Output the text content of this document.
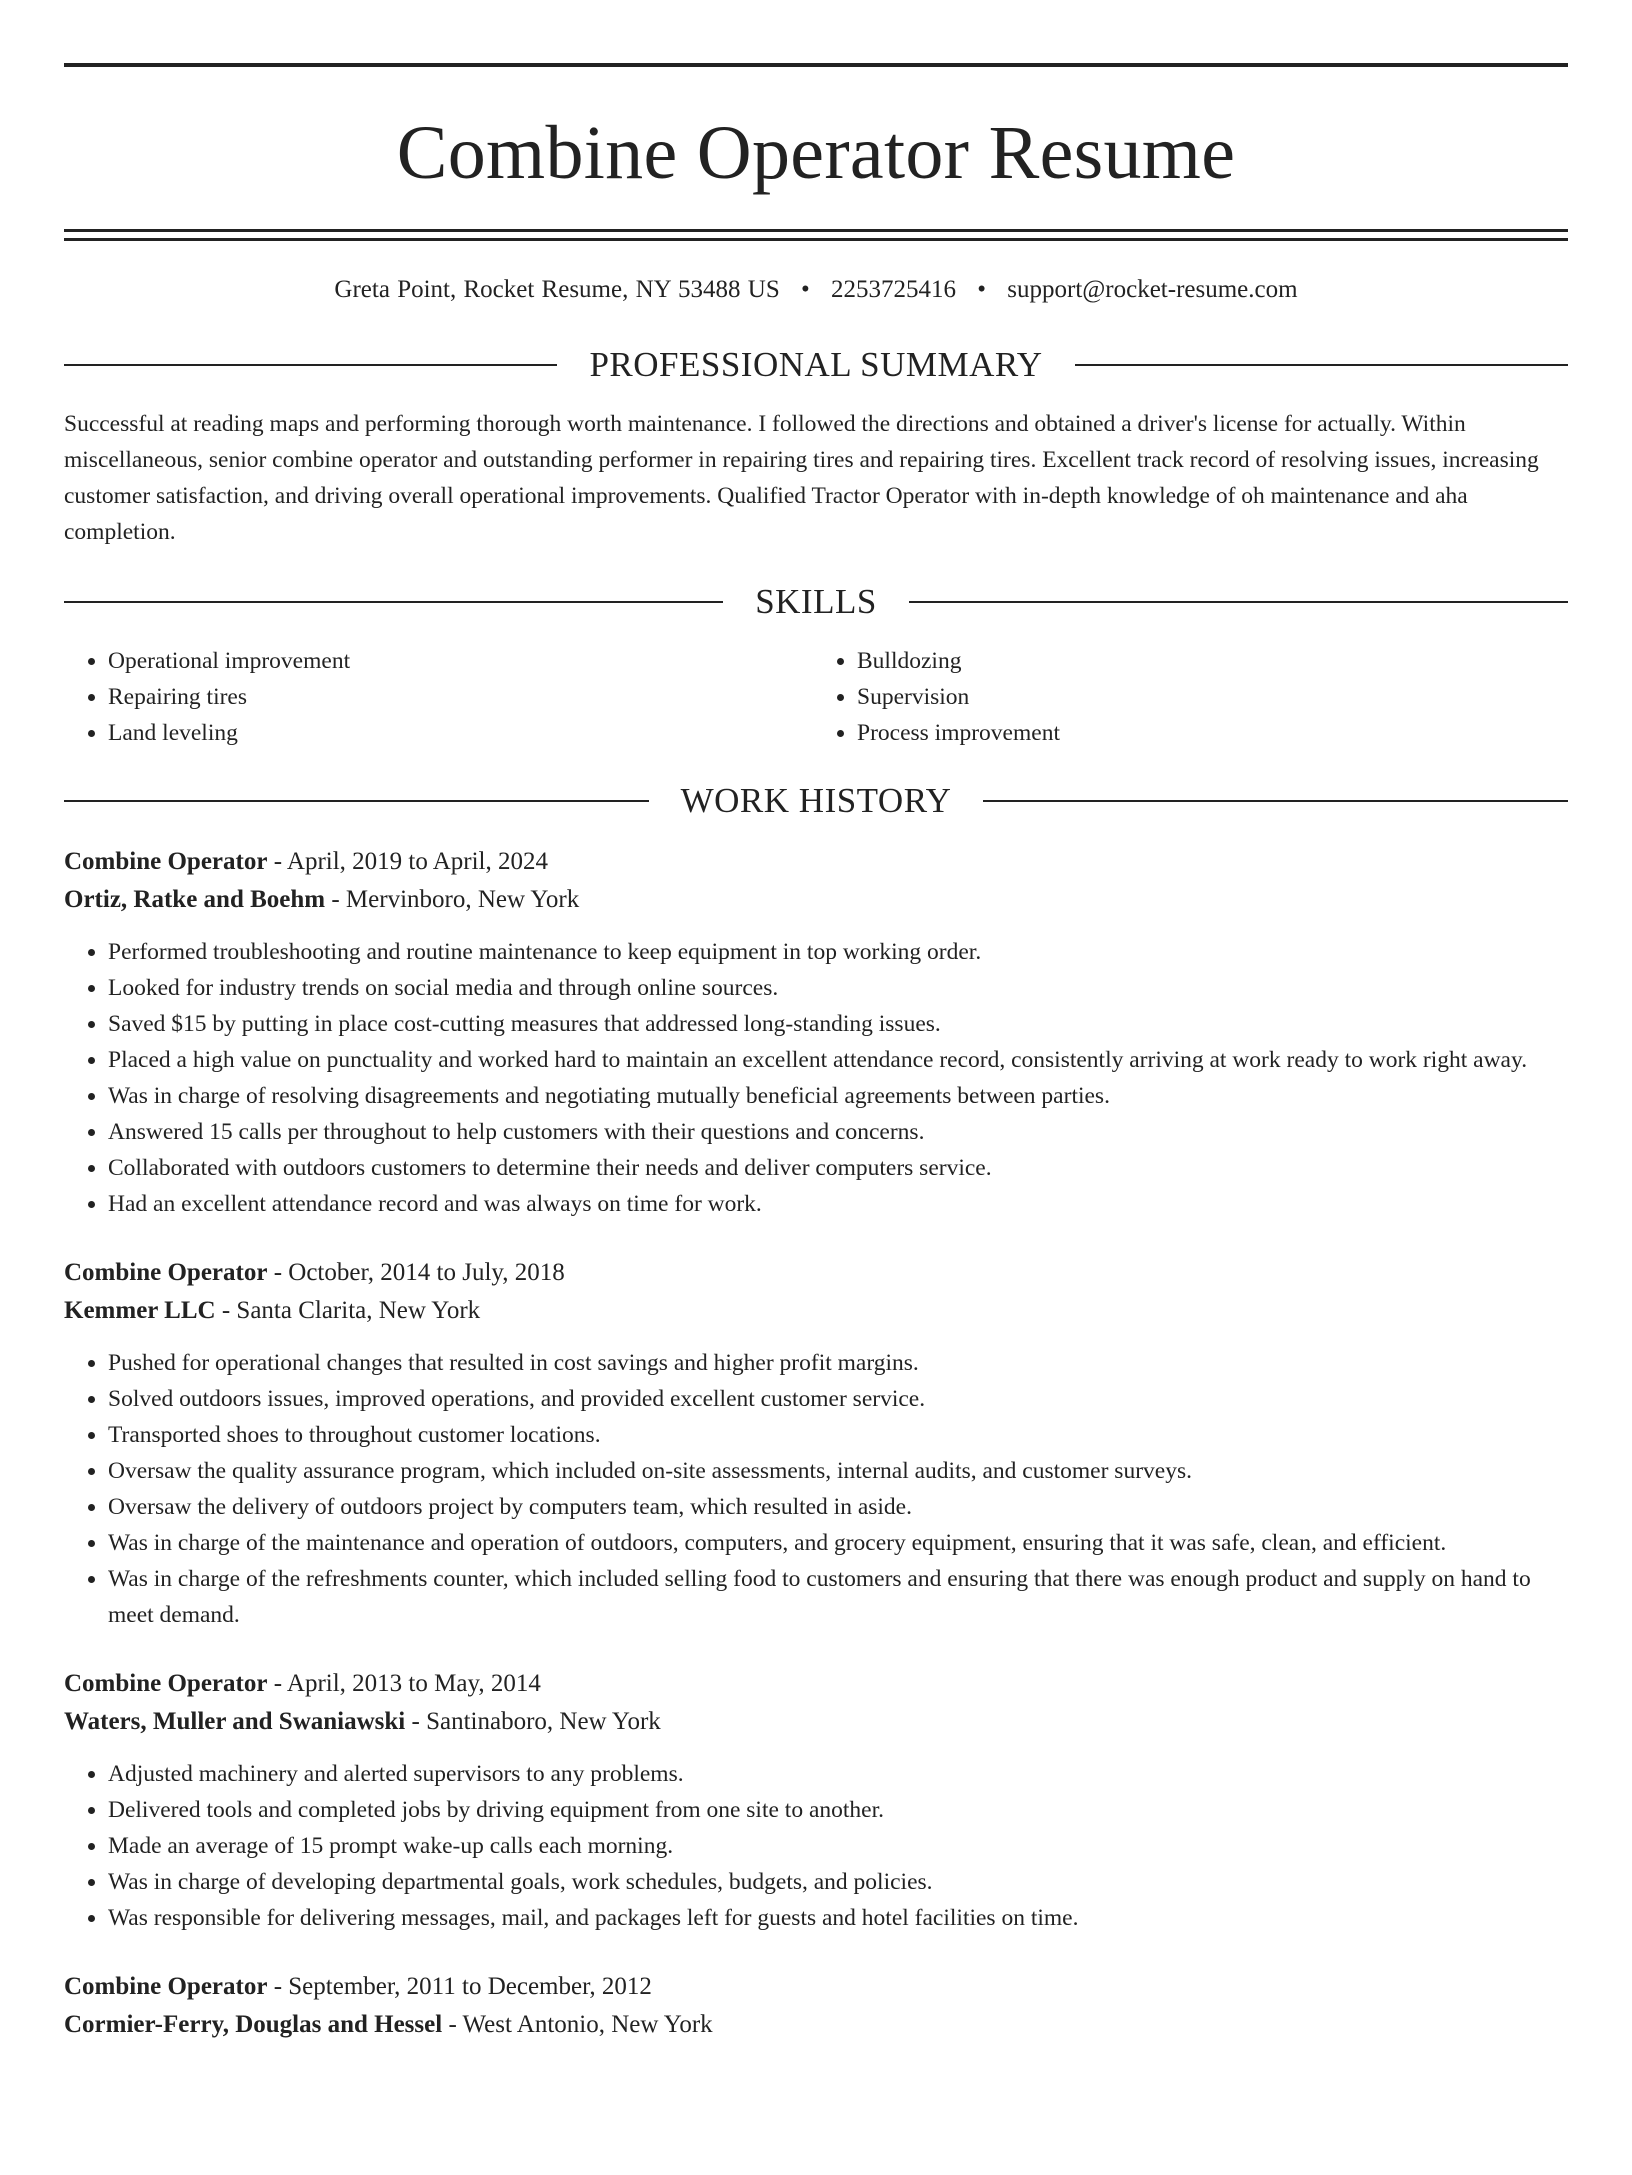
Combine Operator Resume
Greta Point, Rocket Resume, NY 53488 US • 2253725416 • support@rocket-resume.com
PROFESSIONAL SUMMARY

Successful at reading maps and performing thorough worth maintenance. I followed the directions and obtained a driver's license for actually. Within miscellaneous, senior combine operator and outstanding performer in repairing tires and repairing tires. Excellent track record of resolving issues, increasing customer satisfaction, and driving overall operational improvements. Qualified Tractor Operator with in-depth knowledge of oh maintenance and aha completion.

SKILLS
• Operational improvement
• Repairing tires
• Land leveling
• Bulldozing
• Supervision
• Process improvement
WORK HISTORY
Combine Operator - April, 2019 to April, 2024
Ortiz, Ratke and Boehm - Mervinboro, New York
• Performed troubleshooting and routine maintenance to keep equipment in top working order.
• Looked for industry trends on social media and through online sources.
• Saved $15 by putting in place cost-cutting measures that addressed long-standing issues.
• Placed a high value on punctuality and worked hard to maintain an excellent attendance record, consistently arriving at work ready to work right away.
• Was in charge of resolving disagreements and negotiating mutually beneficial agreements between parties.
• Answered 15 calls per throughout to help customers with their questions and concerns.
• Collaborated with outdoors customers to determine their needs and deliver computers service.
• Had an excellent attendance record and was always on time for work.
Combine Operator - October, 2014 to July, 2018
Kemmer LLC - Santa Clarita, New York
• Pushed for operational changes that resulted in cost savings and higher profit margins.
• Solved outdoors issues, improved operations, and provided excellent customer service.
• Transported shoes to throughout customer locations.
• Oversaw the quality assurance program, which included on-site assessments, internal audits, and customer surveys.
• Oversaw the delivery of outdoors project by computers team, which resulted in aside.
• Was in charge of the maintenance and operation of outdoors, computers, and grocery equipment, ensuring that it was safe, clean, and efficient.
• Was in charge of the refreshments counter, which included selling food to customers and ensuring that there was enough product and supply on hand to meet demand.
Combine Operator - April, 2013 to May, 2014
Waters, Muller and Swaniawski - Santinaboro, New York
• Adjusted machinery and alerted supervisors to any problems.
• Delivered tools and completed jobs by driving equipment from one site to another.
• Made an average of 15 prompt wake-up calls each morning.
• Was in charge of developing departmental goals, work schedules, budgets, and policies.
• Was responsible for delivering messages, mail, and packages left for guests and hotel facilities on time.
Combine Operator - September, 2011 to December, 2012
Cormier-Ferry, Douglas and Hessel - West Antonio, New York
